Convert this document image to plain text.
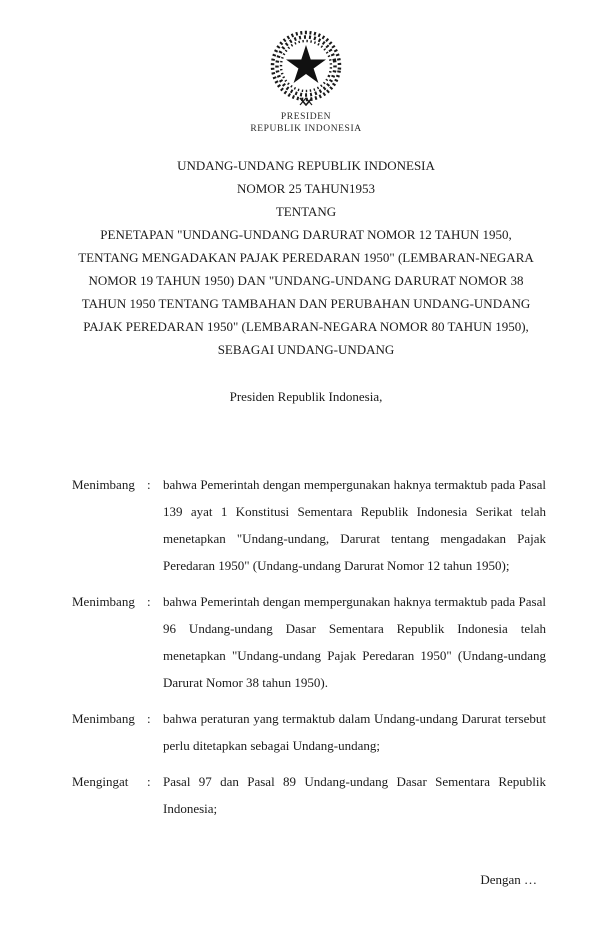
PRESIDEN
REPUBLIK INDONESIA
UNDANG-UNDANG REPUBLIK INDONESIA
NOMOR 25 TAHUN1953
TENTANG
PENETAPAN "UNDANG-UNDANG DARURAT NOMOR 12 TAHUN 1950,
TENTANG MENGADAKAN PAJAK PEREDARAN 1950" (LEMBARAN-NEGARA
NOMOR 19 TAHUN 1950) DAN "UNDANG-UNDANG DARURAT NOMOR 38
TAHUN 1950 TENTANG TAMBAHAN DAN PERUBAHAN UNDANG-UNDANG
PAJAK PEREDARAN 1950" (LEMBARAN-NEGARA NOMOR 80 TAHUN 1950),
SEBAGAI UNDANG-UNDANG

Presiden Republik Indonesia,

Menimbang : bahwa Pemerintah dengan mempergunakan haknya termaktub pada Pasal 139 ayat 1 Konstitusi Sementara Republik Indonesia Serikat telah menetapkan "Undang-undang, Darurat tentang mengadakan Pajak Peredaran 1950" (Undang-undang Darurat Nomor 12 tahun 1950);
Menimbang : bahwa Pemerintah dengan mempergunakan haknya termaktub pada Pasal 96 Undang-undang Dasar Sementara Republik Indonesia telah menetapkan "Undang-undang Pajak Peredaran 1950" (Undang-undang Darurat Nomor 38 tahun 1950).
Menimbang : bahwa peraturan yang termaktub dalam Undang-undang Darurat tersebut perlu ditetapkan sebagai Undang-undang;
Mengingat	: Pasal 97 dan Pasal 89 Undang-undang Dasar Sementara Republik Indonesia;

Dengan …
